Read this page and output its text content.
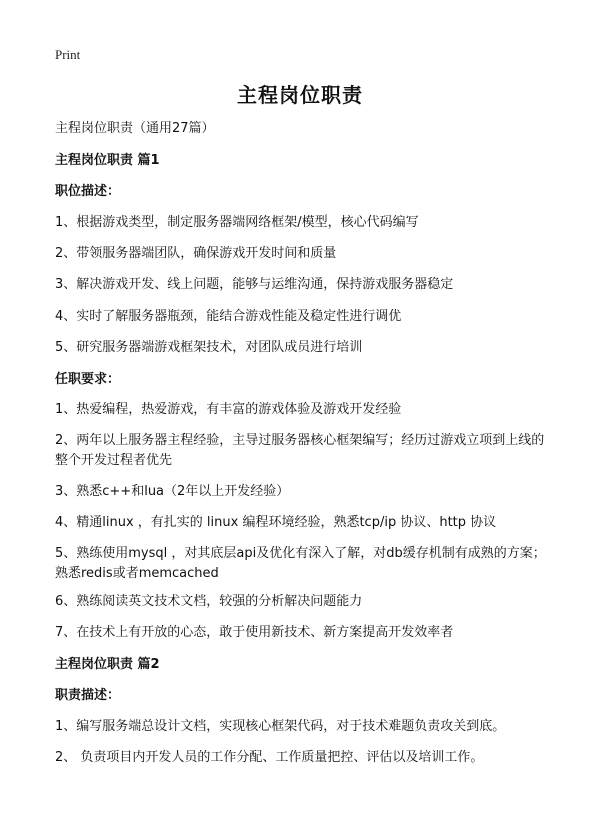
Print
主程岗位职责
主程岗位职责（通用27篇）
主程岗位职责 篇1
职位描述：
1、根据游戏类型，制定服务器端网络框架/模型，核心代码编写
2、带领服务器端团队，确保游戏开发时间和质量
3、解决游戏开发、线上问题，能够与运维沟通，保持游戏服务器稳定
4、实时了解服务器瓶颈，能结合游戏性能及稳定性进行调优
5、研究服务器端游戏框架技术，对团队成员进行培训
任职要求：
1、热爱编程，热爱游戏，有丰富的游戏体验及游戏开发经验
2、两年以上服务器主程经验，主导过服务器核心框架编写；经历过游戏立项到上线的整个开发过程者优先
3、熟悉c++和lua（2年以上开发经验）
4、精通linux ，有扎实的 linux 编程环境经验，熟悉tcp/ip 协议、http 协议
5、熟练使用mysql ，对其底层api及优化有深入了解，对db缓存机制有成熟的方案；熟悉redis或者memcached
6、熟练阅读英文技术文档，较强的分析解决问题能力
7、在技术上有开放的心态，敢于使用新技术、新方案提高开发效率者
主程岗位职责 篇2
职责描述：
1、编写服务端总设计文档，实现核心框架代码，对于技术难题负责攻关到底。
2、 负责项目内开发人员的工作分配、工作质量把控、评估以及培训工作。
